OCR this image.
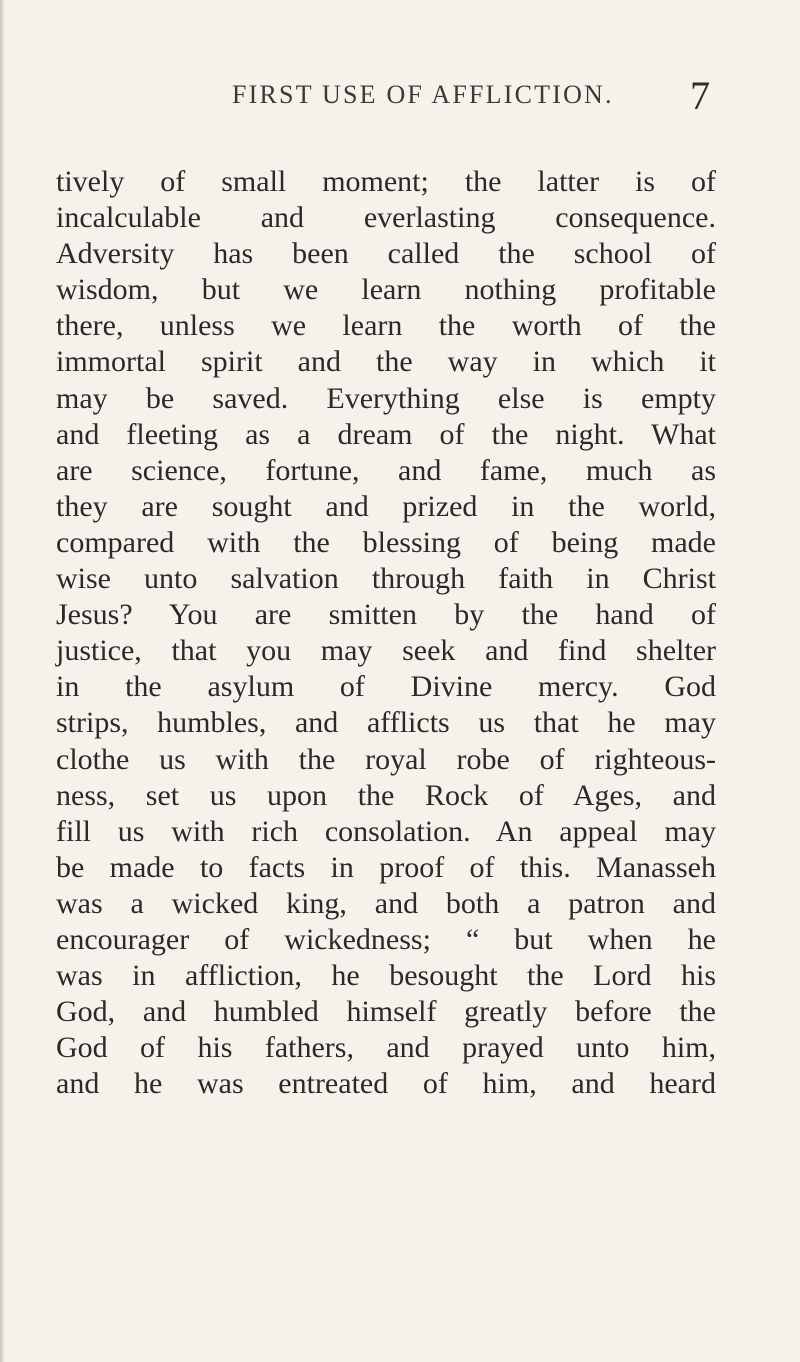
FIRST USE OF AFFLICTION. 7
tively of small moment; the latter is of
incalculable and everlasting consequence.
Adversity has been called the school of
wisdom, but we learn nothing profitable
there, unless we learn the worth of the
immortal spirit and the way in which it
may be saved. Everything else is empty
and fleeting as a dream of the night. What
are science, fortune, and fame, much as
they are sought and prized in the world,
compared with the blessing of being made
wise unto salvation through faith in Christ
Jesus? You are smitten by the hand of
justice, that you may seek and find shelter
in the asylum of Divine mercy. God
strips, humbles, and afflicts us that he may
clothe us with the royal robe of righteous-
ness, set us upon the Rock of Ages, and
fill us with rich consolation. An appeal may
be made to facts in proof of this. Manasseh
was a wicked king, and both a patron and
encourager of wickedness; “ but when he
was in affliction, he besought the Lord his
God, and humbled himself greatly before the
God of his fathers, and prayed unto him,
and he was entreated of him, and heard
